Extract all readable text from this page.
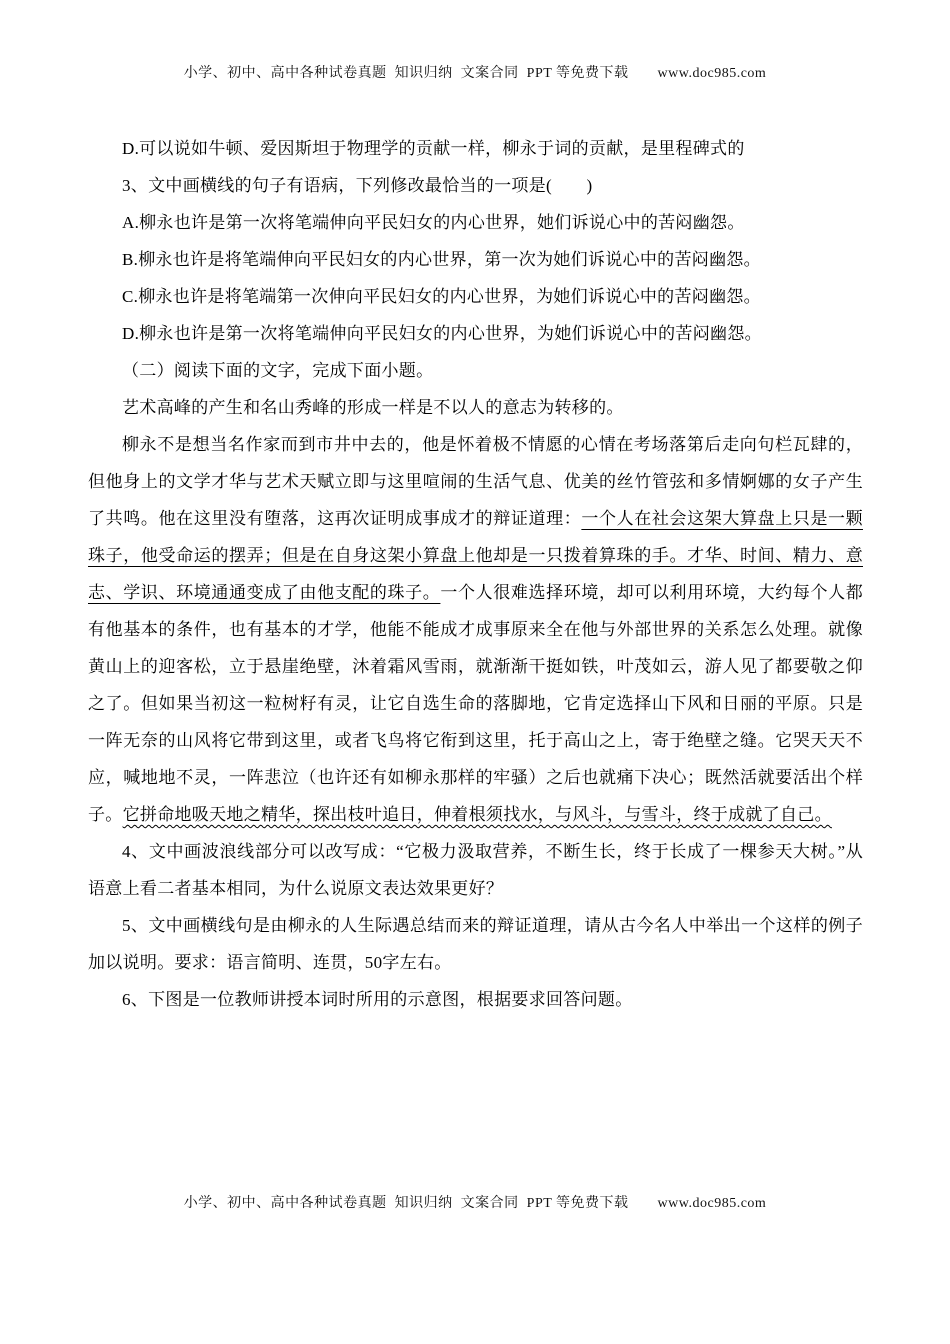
小学、初中、高中各种试卷真题  知识归纳  文案合同  PPT 等免费下载　　www.doc985.com

D.可以说如牛顿、爱因斯坦于物理学的贡献一样，柳永于词的贡献，是里程碑式的

3、文中画横线的句子有语病，下列修改最恰当的一项是(　　)

A.柳永也许是第一次将笔端伸向平民妇女的内心世界，她们诉说心中的苦闷幽怨。

B.柳永也许是将笔端伸向平民妇女的内心世界，第一次为她们诉说心中的苦闷幽怨。

C.柳永也许是将笔端第一次伸向平民妇女的内心世界，为她们诉说心中的苦闷幽怨。

D.柳永也许是第一次将笔端伸向平民妇女的内心世界，为她们诉说心中的苦闷幽怨。

（二）阅读下面的文字，完成下面小题。

艺术高峰的产生和名山秀峰的形成一样是不以人的意志为转移的。

柳永不是想当名作家而到市井中去的，他是怀着极不情愿的心情在考场落第后走向句栏瓦肆的，但他身上的文学才华与艺术天赋立即与这里喧闹的生活气息、优美的丝竹管弦和多情婀娜的女子产生了共鸣。他在这里没有堕落，这再次证明成事成才的辩证道理：一个人在社会这架大算盘上只是一颗珠子，他受命运的摆弄；但是在自身这架小算盘上他却是一只拨着算珠的手。才华、时间、精力、意志、学识、环境通通变成了由他支配的珠子。一个人很难选择环境，却可以利用环境，大约每个人都有他基本的条件，也有基本的才学，他能不能成才成事原来全在他与外部世界的关系怎么处理。就像黄山上的迎客松，立于悬崖绝壁，沐着霜风雪雨，就渐渐干挺如铁，叶茂如云，游人见了都要敬之仰之了。但如果当初这一粒树籽有灵，让它自选生命的落脚地，它肯定选择山下风和日丽的平原。只是一阵无奈的山风将它带到这里，或者飞鸟将它衔到这里，托于高山之上，寄于绝壁之缝。它哭天天不应，喊地地不灵，一阵悲泣（也许还有如柳永那样的牢骚）之后也就痛下决心；既然活就要活出个样子。它拼命地吸天地之精华，探出枝叶追日，伸着根须找水，与风斗，与雪斗，终于成就了自己。

4、文中画波浪线部分可以改写成：“它极力汲取营养，不断生长，终于长成了一棵参天大树。”从语意上看二者基本相同，为什么说原文表达效果更好？

5、文中画横线句是由柳永的人生际遇总结而来的辩证道理，请从古今名人中举出一个这样的例子加以说明。要求：语言简明、连贯，50字左右。

6、下图是一位教师讲授本词时所用的示意图，根据要求回答问题。

小学、初中、高中各种试卷真题  知识归纳  文案合同  PPT 等免费下载　　www.doc985.com
